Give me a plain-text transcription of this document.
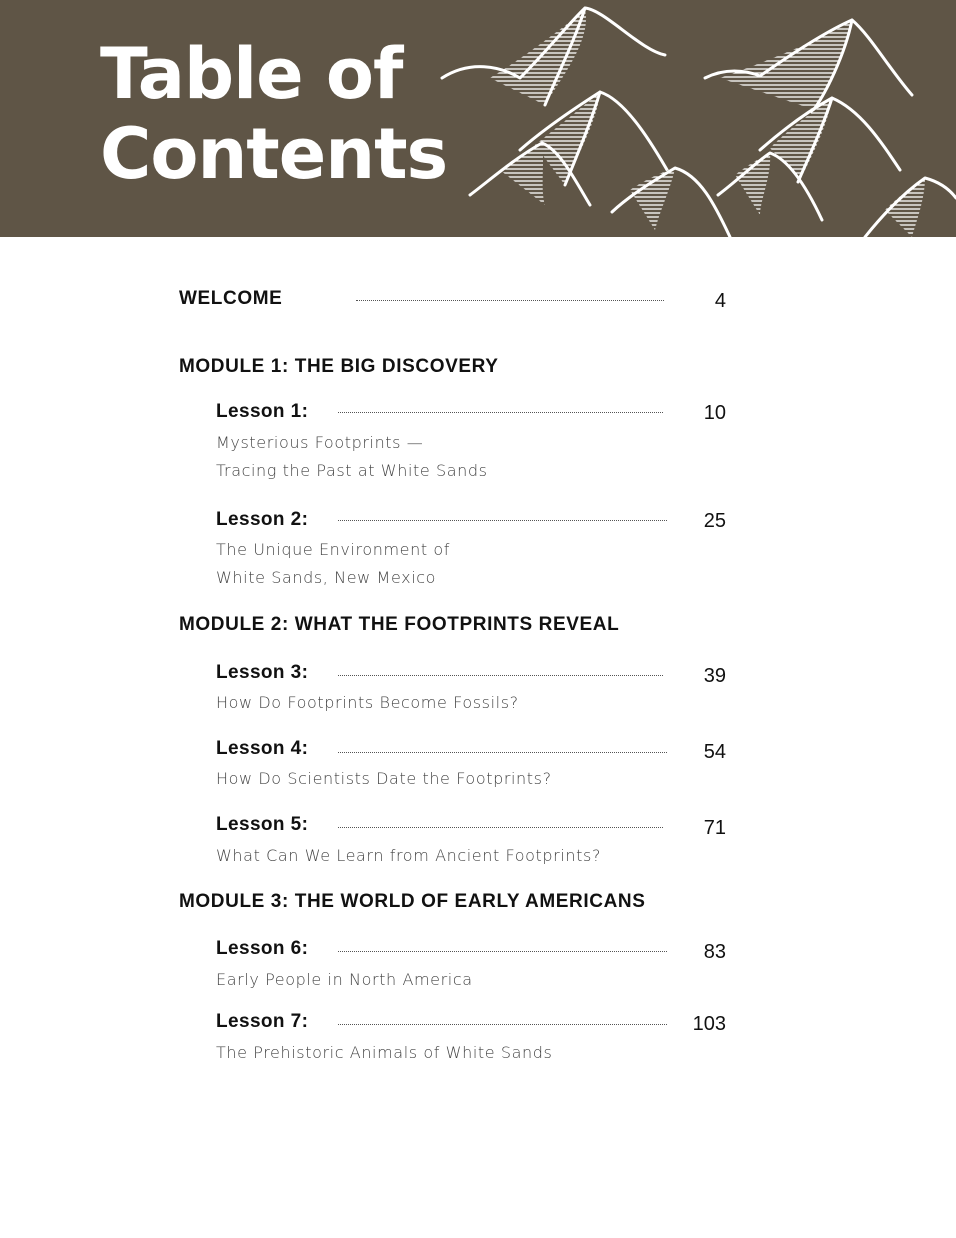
Table of
Contents
WELCOME	4
MODULE 1: THE BIG DISCOVERY
Lesson 1:	10
Mysterious Footprints —
Tracing the Past at White Sands
Lesson 2:	25
The Unique Environment of
White Sands, New Mexico
MODULE 2: WHAT THE FOOTPRINTS REVEAL
Lesson 3:	39
How Do Footprints Become Fossils?
Lesson 4:	54
How Do Scientists Date the Footprints?
Lesson 5:	71
What Can We Learn from Ancient Footprints?
MODULE 3: THE WORLD OF EARLY AMERICANS
Lesson 6:	83
Early People in North America
Lesson 7:	103
The Prehistoric Animals of White Sands
